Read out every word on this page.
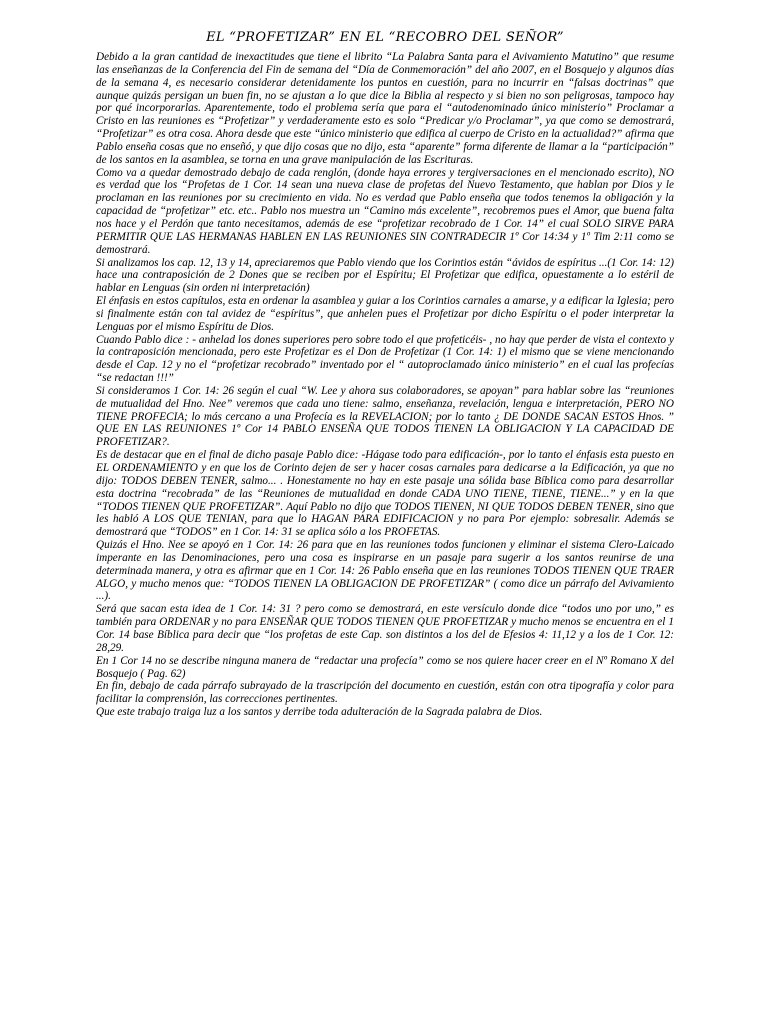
EL “PROFETIZAR” EN EL “RECOBRO DEL SEÑOR”

Debido a la gran cantidad de inexactitudes que tiene el librito “La Palabra Santa para el Avivamiento Matutino” que resume las enseñanzas de la Conferencia del Fin de semana del “Día de Conmemoración” del año 2007, en el Bosquejo y algunos días de la semana 4, es necesario considerar detenidamente los puntos en cuestión, para no incurrir en “falsas doctrinas” que aunque quizás persigan un buen fin, no se ajustan a lo que dice la Biblia al respecto y si bien no son peligrosas, tampoco hay por qué incorporarlas. Aparentemente, todo el problema sería que para el “autodenominado único ministerio” Proclamar a Cristo en las reuniones es “Profetizar” y verdaderamente esto es solo “Predicar y/o Proclamar”, ya que como se demostrará, “Profetizar” es otra cosa. Ahora desde que este “único ministerio que edifica al cuerpo de Cristo en la actualidad?” afirma que Pablo enseña cosas que no enseñó, y que dijo cosas que no dijo, esta “aparente” forma diferente de llamar a la “participación” de los santos en la asamblea, se torna en una grave manipulación de las Escrituras.

Como va a quedar demostrado debajo de cada renglón, (donde haya errores y tergiversaciones en el mencionado escrito), NO es verdad que los “Profetas de 1 Cor. 14 sean una nueva clase de profetas del Nuevo Testamento, que hablan por Dios y le proclaman en las reuniones por su crecimiento en vida. No es verdad que Pablo enseña que todos tenemos la obligación y la capacidad de “profetizar” etc. etc.. Pablo nos muestra un “Camino más excelente”, recobremos pues el Amor, que buena falta nos hace y el Perdón que tanto necesitamos, además de ese “profetizar recobrado de 1 Cor. 14” el cual SOLO SIRVE PARA PERMITIR QUE LAS HERMANAS HABLEN EN LAS REUNIONES SIN CONTRADECIR 1º Cor 14:34 y 1º Tim 2:11 como se demostrará.

Si analizamos los cap. 12, 13 y 14, apreciaremos que Pablo viendo que los Corintios están “ávidos de espíritus ...(1 Cor. 14: 12) hace una contraposición de 2 Dones que se reciben por el Espíritu; El Profetizar que edifica, opuestamente a lo estéril de hablar en Lenguas (sin orden ni interpretación)

El énfasis en estos capítulos, esta en ordenar la asamblea y guiar a los Corintios carnales a amarse, y a edificar la Iglesia; pero si finalmente están con tal avidez de “espíritus”, que anhelen pues el Profetizar por dicho Espíritu o el poder interpretar la Lenguas por el mismo Espíritu de Dios.

Cuando Pablo dice : - anhelad los dones superiores pero sobre todo el que profeticéis- , no hay que perder de vista el contexto y la contraposición mencionada, pero este Profetizar es el Don de Profetizar (1 Cor. 14: 1) el mismo que se viene mencionando desde el Cap. 12 y no el “profetizar recobrado” inventado por el “ autoproclamado único ministerio” en el cual las profecías “se redactan !!!”

Si consideramos 1 Cor. 14: 26 según el cual “W. Lee y ahora sus colaboradores, se apoyan” para hablar sobre las “reuniones de mutualidad del Hno. Nee” veremos que cada uno tiene: salmo, enseñanza, revelación, lengua e interpretación, PERO NO TIENE PROFECIA; lo más cercano a una Profecía es la REVELACION; por lo tanto ¿ DE DONDE SACAN ESTOS Hnos. ” QUE EN LAS REUNIONES 1º Cor 14 PABLO ENSEÑA QUE TODOS TIENEN LA OBLIGACION Y LA CAPACIDAD DE PROFETIZAR?.

Es de destacar que en el final de dicho pasaje Pablo dice: -Hágase todo para edificación-, por lo tanto el énfasis esta puesto en EL ORDENAMIENTO y en que los de Corinto dejen de ser y hacer cosas carnales para dedicarse a la Edificación, ya que no dijo: TODOS DEBEN TENER, salmo... . Honestamente no hay en este pasaje una sólida base Bíblica como para desarrollar esta doctrina “recobrada” de las “Reuniones de mutualidad en donde CADA UNO TIENE, TIENE, TIENE...” y en la que “TODOS TIENEN QUE PROFETIZAR”. Aquí Pablo no dijo que TODOS TIENEN, NI QUE TODOS DEBEN TENER, sino que les habló A LOS QUE TENIAN, para que lo HAGAN PARA EDIFICACION y no para Por ejemplo: sobresalir. Además se demostrará que “TODOS” en 1 Cor. 14: 31 se aplica sólo a los PROFETAS.

Quizás el Hno. Nee se apoyó en 1 Cor. 14: 26 para que en las reuniones todos funcionen y eliminar el sistema Clero-Laicado imperante en las Denominaciones, pero una cosa es inspirarse en un pasaje para sugerir a los santos reunirse de una determinada manera, y otra es afirmar que en 1 Cor. 14: 26 Pablo enseña que en las reuniones TODOS TIENEN QUE TRAER ALGO, y mucho menos que: “TODOS TIENEN LA OBLIGACION DE PROFETIZAR” ( como dice un párrafo del Avivamiento ...).

Será que sacan esta idea de 1 Cor. 14: 31 ? pero como se demostrará, en este versículo donde dice “todos uno por uno,” es también para ORDENAR y no para ENSEÑAR QUE TODOS TIENEN QUE PROFETIZAR y mucho menos se encuentra en el 1 Cor. 14 base Bíblica para decir que “los profetas de este Cap. son distintos a los del de Efesios 4: 11,12 y a los de 1 Cor. 12: 28,29.

En 1 Cor 14 no se describe ninguna manera de “redactar una profecía” como se nos quiere hacer creer en el Nº Romano X del Bosquejo ( Pag. 62)

En fin, debajo de cada párrafo subrayado de la trascripción del documento en cuestión, están con otra tipografía y color para facilitar la comprensión, las correcciones pertinentes.

Que este trabajo traiga luz a los santos y derribe toda adulteración de la Sagrada palabra de Dios.
